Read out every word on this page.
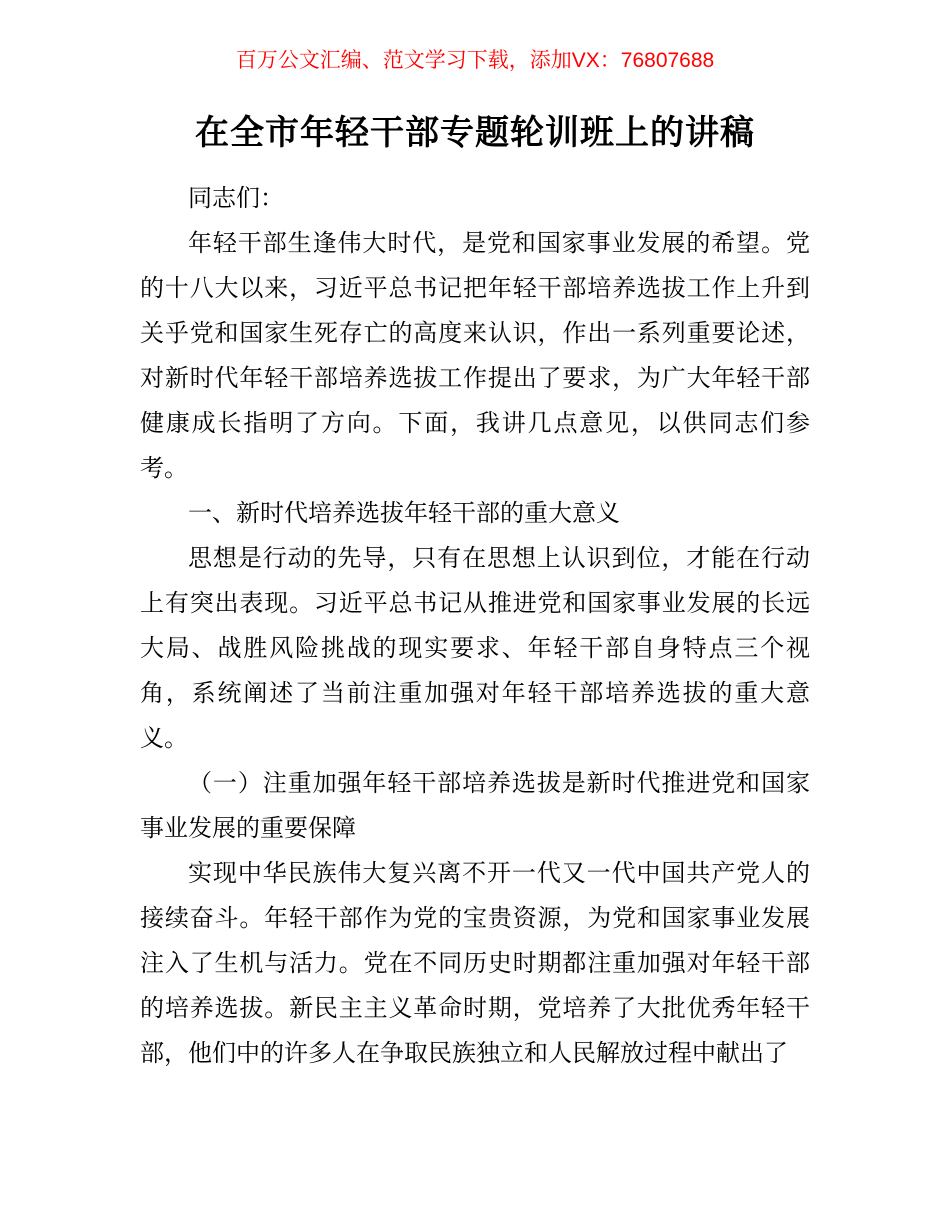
百万公文汇编、范文学习下载，添加VX：76807688
在全市年轻干部专题轮训班上的讲稿

同志们：

年轻干部生逢伟大时代，是党和国家事业发展的希望。党的十八大以来，习近平总书记把年轻干部培养选拔工作上升到关乎党和国家生死存亡的高度来认识，作出一系列重要论述，对新时代年轻干部培养选拔工作提出了要求，为广大年轻干部健康成长指明了方向。下面，我讲几点意见，以供同志们参考。

一、新时代培养选拔年轻干部的重大意义

思想是行动的先导，只有在思想上认识到位，才能在行动上有突出表现。习近平总书记从推进党和国家事业发展的长远大局、战胜风险挑战的现实要求、年轻干部自身特点三个视角，系统阐述了当前注重加强对年轻干部培养选拔的重大意义。

（一）注重加强年轻干部培养选拔是新时代推进党和国家事业发展的重要保障

实现中华民族伟大复兴离不开一代又一代中国共产党人的接续奋斗。年轻干部作为党的宝贵资源，为党和国家事业发展注入了生机与活力。党在不同历史时期都注重加强对年轻干部的培养选拔。新民主主义革命时期，党培养了大批优秀年轻干部，他们中的许多人在争取民族独立和人民解放过程中献出了
